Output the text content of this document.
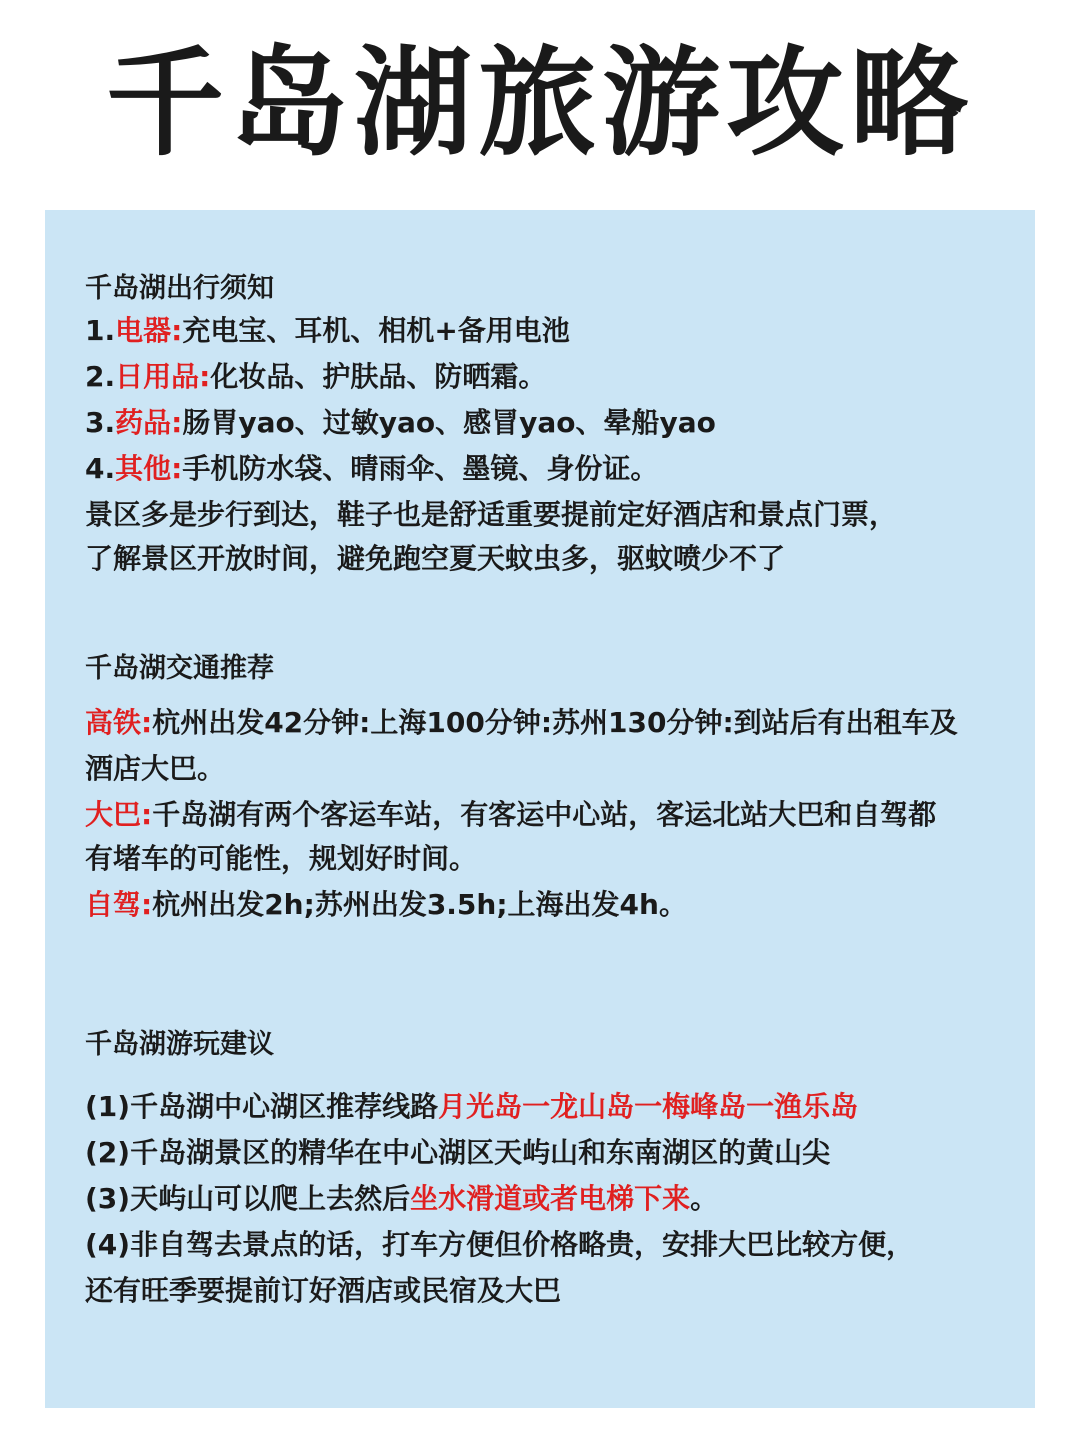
千岛湖旅游攻略
千岛湖出行须知
1.电器:充电宝、耳机、相机+备用电池
2.日用品:化妆品、护肤品、防晒霜。
3.药品:肠胃yao、过敏yao、感冒yao、晕船yao
4.其他:手机防水袋、晴雨伞、墨镜、身份证。
景区多是步行到达，鞋子也是舒适重要提前定好酒店和景点门票，
了解景区开放时间，避免跑空夏天蚊虫多，驱蚊喷少不了
千岛湖交通推荐
高铁:杭州出发42分钟:上海100分钟:苏州130分钟:到站后有出租车及
酒店大巴。
大巴:千岛湖有两个客运车站，有客运中心站，客运北站大巴和自驾都
有堵车的可能性，规划好时间。
自驾:杭州出发2h;苏州出发3.5h;上海出发4h。
千岛湖游玩建议
(1)千岛湖中心湖区推荐线路月光岛一龙山岛一梅峰岛一渔乐岛
(2)千岛湖景区的精华在中心湖区天屿山和东南湖区的黄山尖
(3)天屿山可以爬上去然后坐水滑道或者电梯下来。
(4)非自驾去景点的话，打车方便但价格略贵，安排大巴比较方便，
还有旺季要提前订好酒店或民宿及大巴
